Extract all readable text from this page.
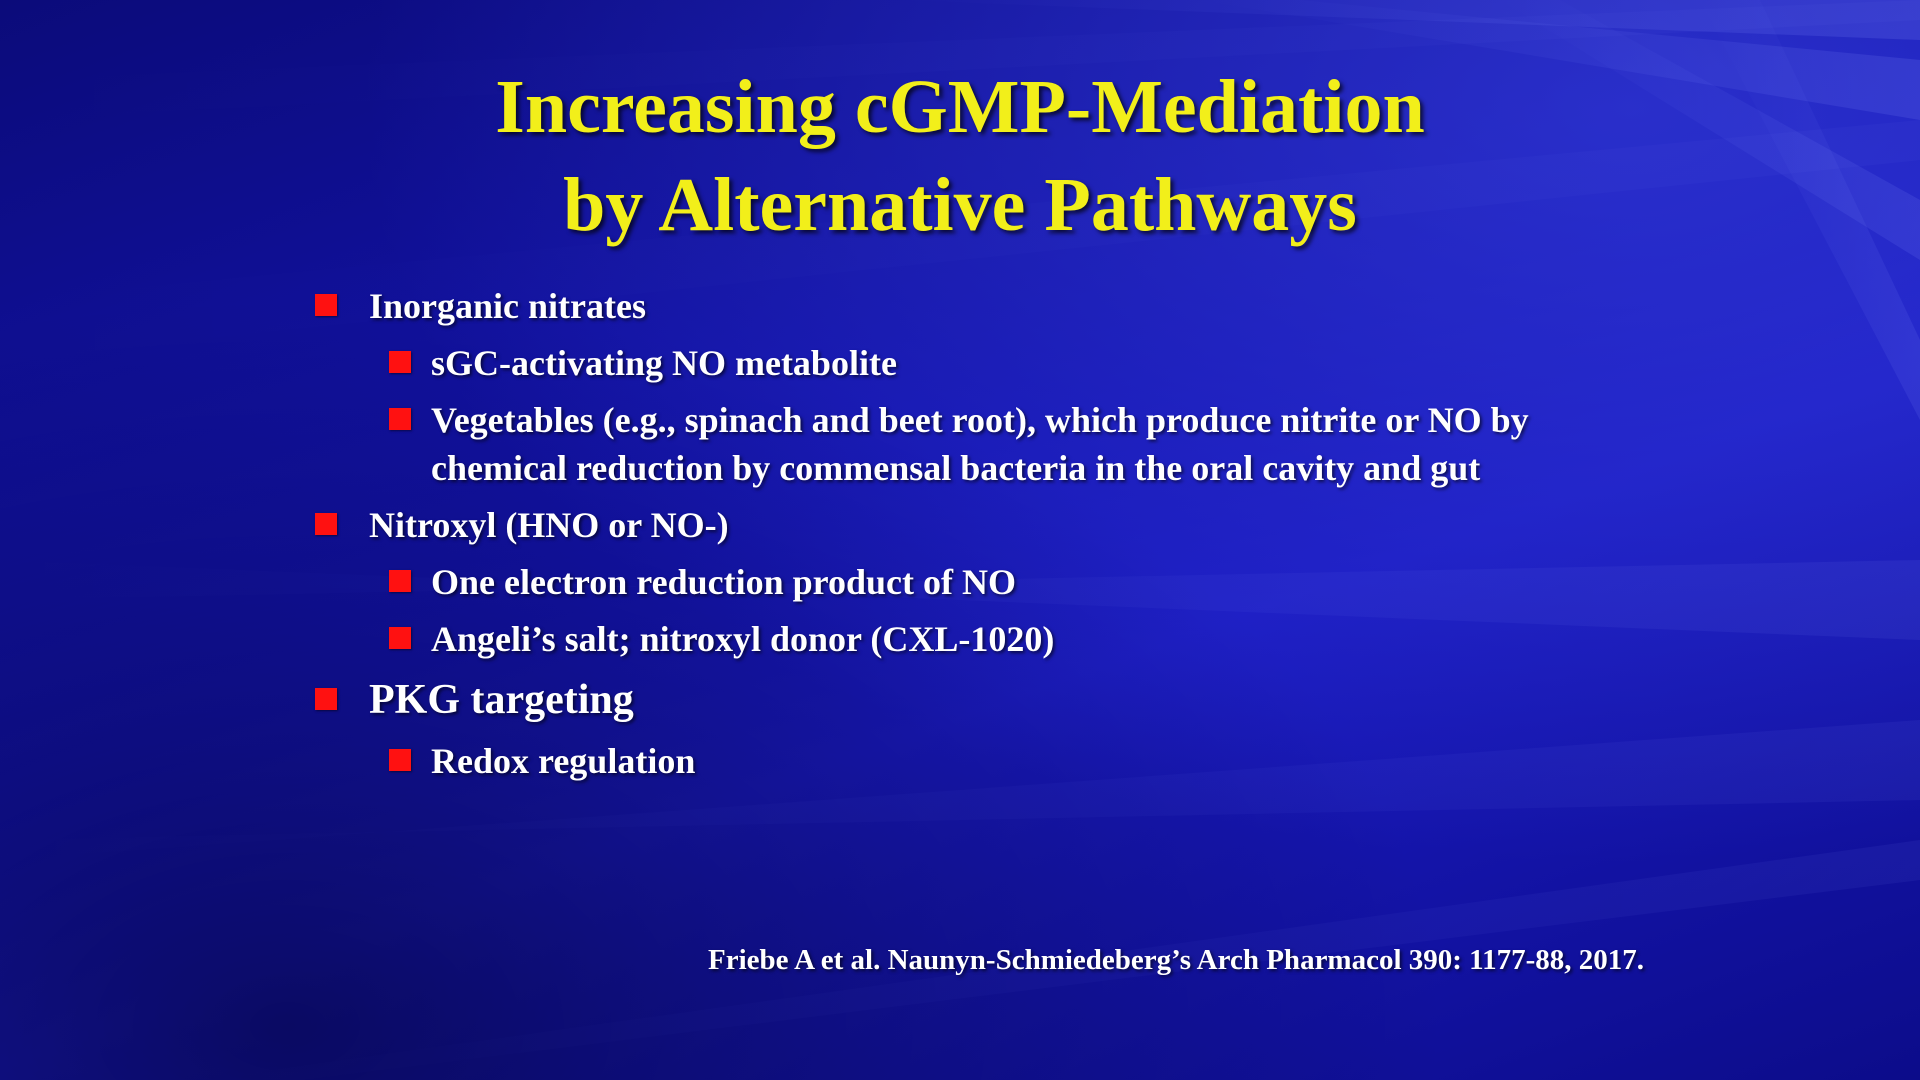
Increasing cGMP-Mediation
by Alternative Pathways
Inorganic nitrates
sGC-activating NO metabolite
Vegetables (e.g., spinach and beet root), which produce nitrite or NO by chemical reduction by commensal bacteria in the oral cavity and gut
Nitroxyl (HNO or NO-)
One electron reduction product of NO
Angeli’s salt; nitroxyl donor (CXL-1020)
PKG targeting
Redox regulation
Friebe A et al. Naunyn-Schmiedeberg’s Arch Pharmacol 390: 1177-88, 2017.
